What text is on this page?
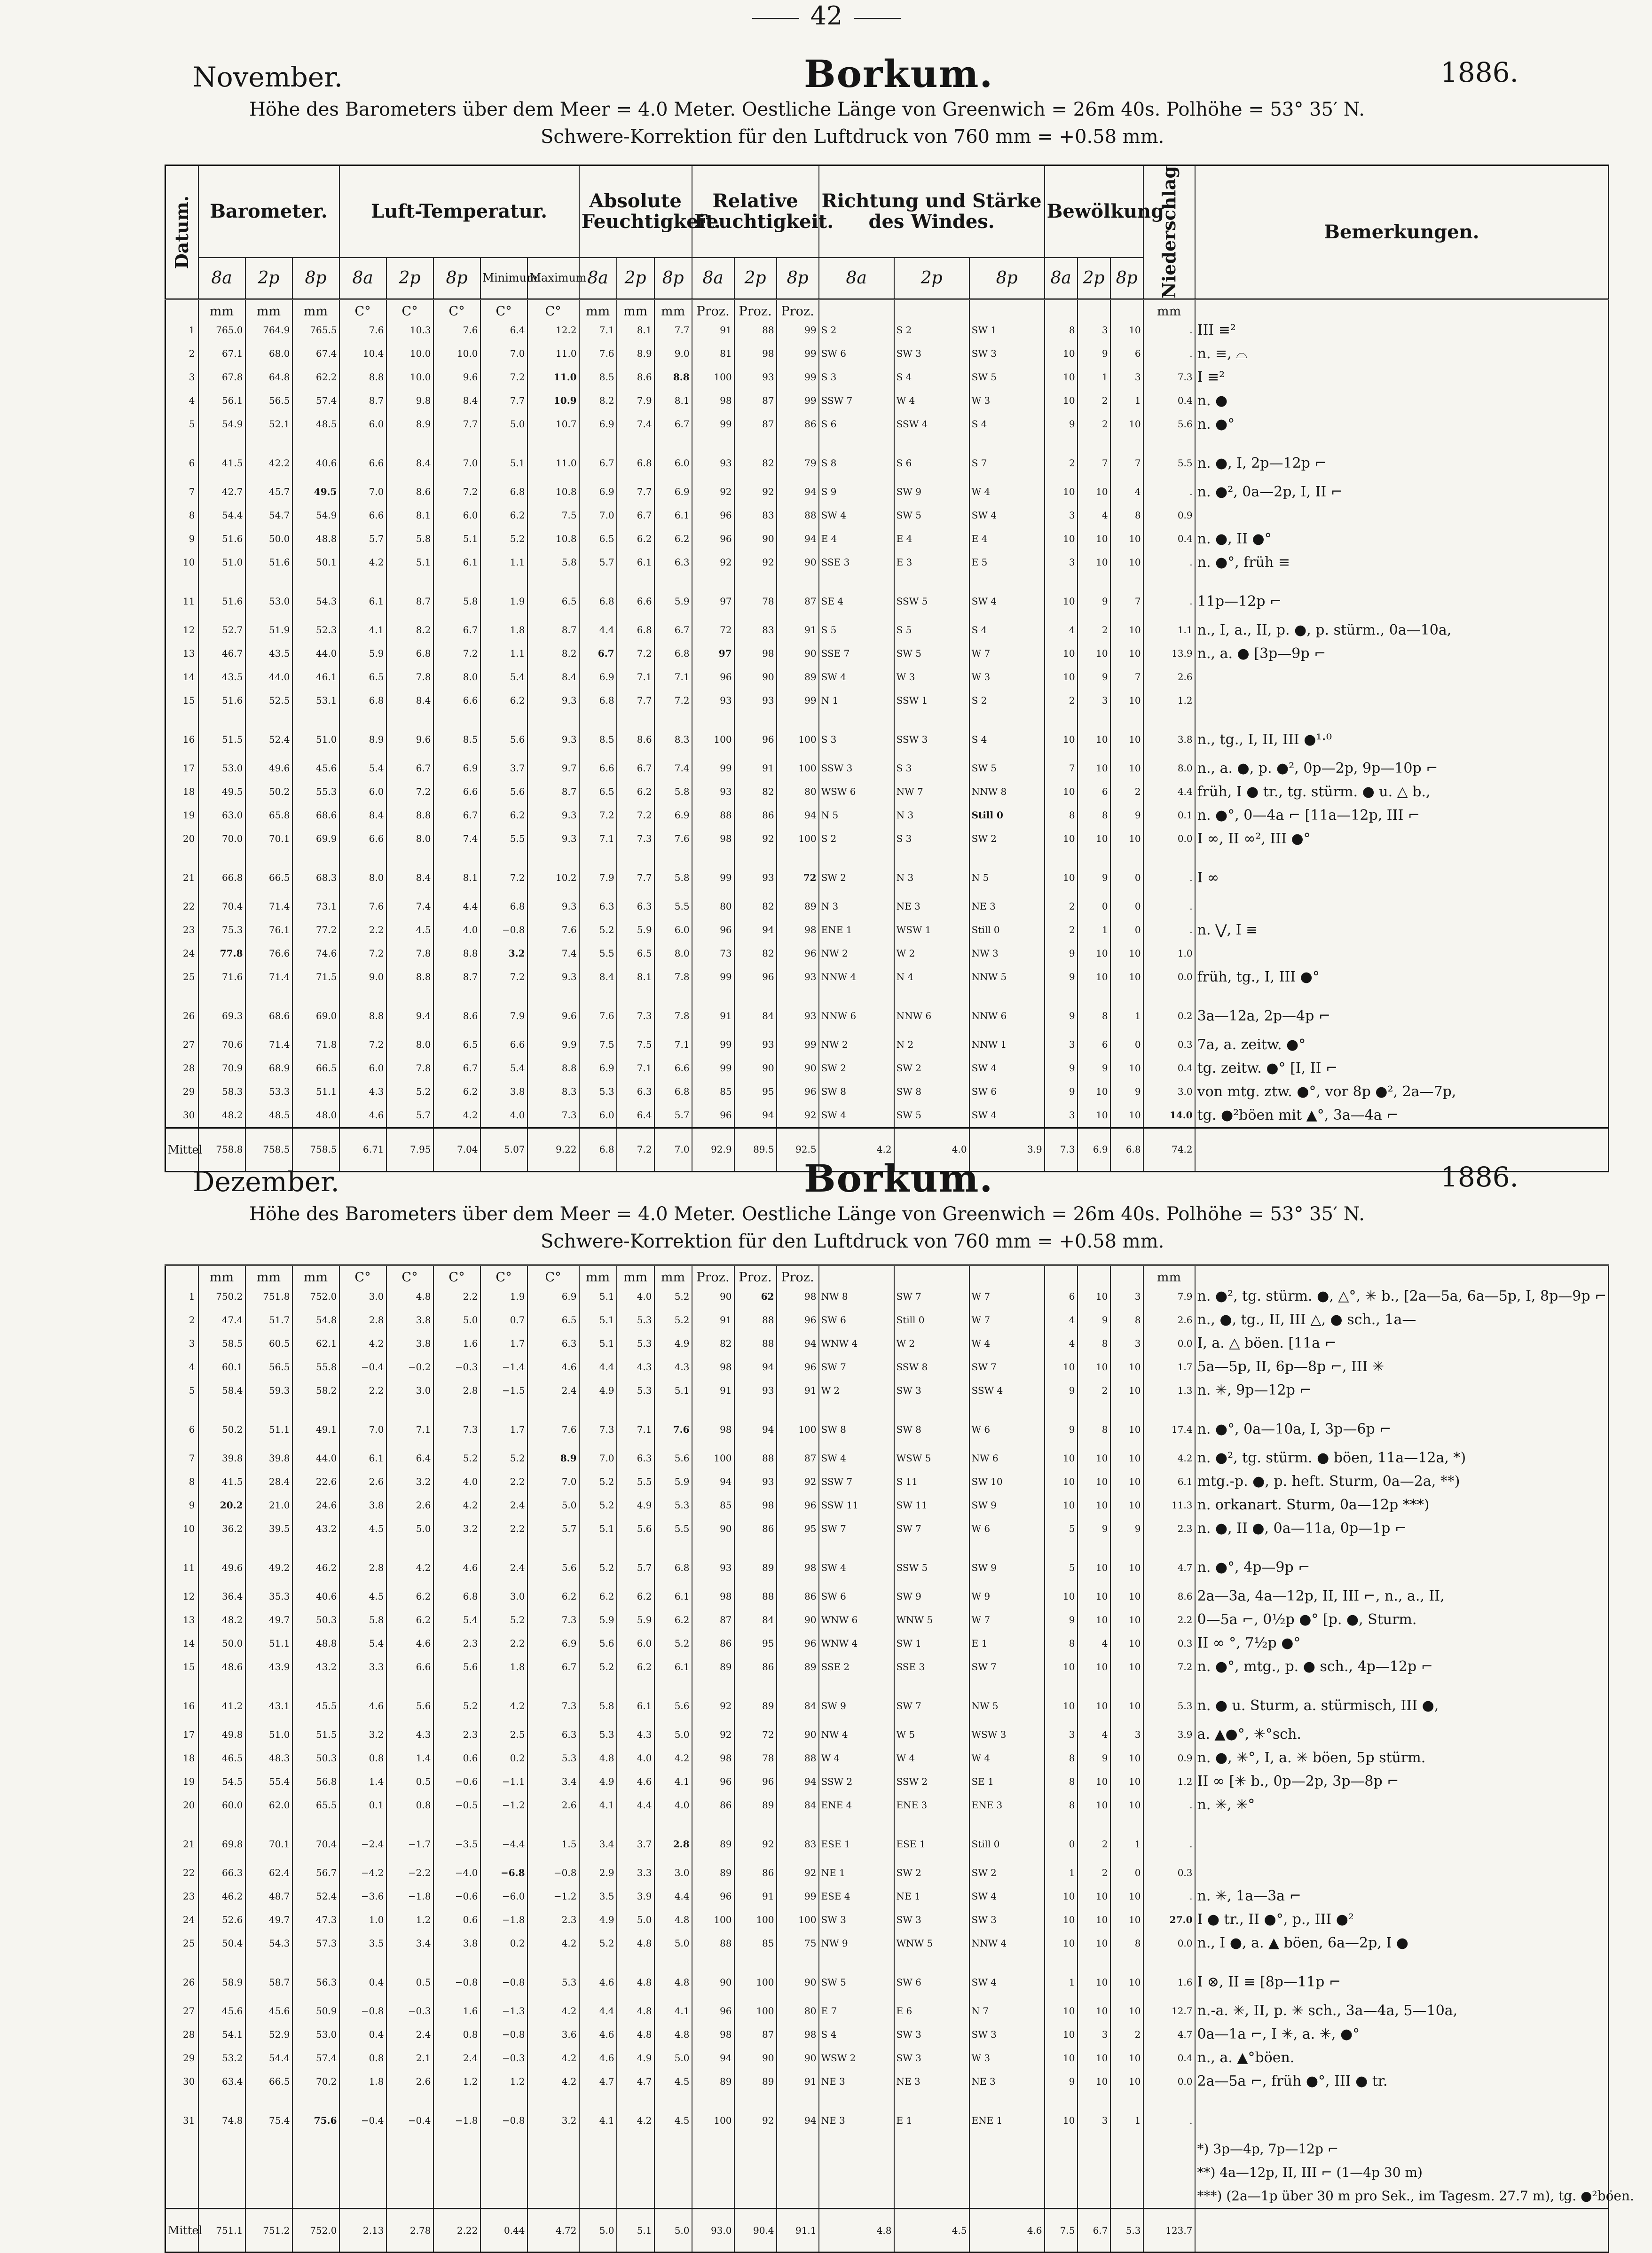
42
November.	Borkum.	1886.
Höhe des Barometers über dem Meer = 4.0 Meter. Oestliche Länge von Greenwich = 26m 40s. Polhöhe = 53° 35′ N.
Schwere-Korrektion für den Luftdruck von 760 mm = +0.58 mm.
Datum.	Barometer.			Luft-Temperatur.					Absolute Feuchtigkeit.			Relative Feuchtigkeit.			Richtung und Stärke des Windes.			Bewölkung			Niederschlag	Bemerkungen.
	8a	2p	8p	8a	2p	8p	Minimum.	Maximum.	8a	2p	8p	8a	2p	8p	8a	2p	8p	8a	2p	8p		
	mm	mm	mm	C°	C°	C°	C°	C°	mm	mm	mm	Proz.	Proz.	Proz.							mm	
1	765.0	764.9	765.5	7.6	10.3	7.6	6.4	12.2	7.1	8.1	7.7	91	88	99	S 2	S 2	SW 1	8	3	10	.	III ≡²
2	67.1	68.0	67.4	10.4	10.0	10.0	7.0	11.0	7.6	8.9	9.0	81	98	99	SW 6	SW 3	SW 3	10	9	6	.	n. ≡, ⌓
3	67.8	64.8	62.2	8.8	10.0	9.6	7.2	11.0	8.5	8.6	8.8	100	93	99	S 3	S 4	SW 5	10	1	3	7.3	I ≡²
4	56.1	56.5	57.4	8.7	9.8	8.4	7.7	10.9	8.2	7.9	8.1	98	87	99	SSW 7	W 4	W 3	10	2	1	0.4	n. ●
5	54.9	52.1	48.5	6.0	8.9	7.7	5.0	10.7	6.9	7.4	6.7	99	87	86	S 6	SSW 4	S 4	9	2	10	5.6	n. ●°
6	41.5	42.2	40.6	6.6	8.4	7.0	5.1	11.0	6.7	6.8	6.0	93	82	79	S 8	S 6	S 7	2	7	7	5.5	n. ●, I, 2p—12p ⌐
7	42.7	45.7	49.5	7.0	8.6	7.2	6.8	10.8	6.9	7.7	6.9	92	92	94	S 9	SW 9	W 4	10	10	4	.	n. ●², 0a—2p, I, II ⌐
8	54.4	54.7	54.9	6.6	8.1	6.0	6.2	7.5	7.0	6.7	6.1	96	83	88	SW 4	SW 5	SW 4	3	4	8	0.9	
9	51.6	50.0	48.8	5.7	5.8	5.1	5.2	10.8	6.5	6.2	6.2	96	90	94	E 4	E 4	E 4	10	10	10	0.4	n. ●, II ●°
10	51.0	51.6	50.1	4.2	5.1	6.1	1.1	5.8	5.7	6.1	6.3	92	92	90	SSE 3	E 3	E 5	3	10	10	.	n. ●°, früh ≡
11	51.6	53.0	54.3	6.1	8.7	5.8	1.9	6.5	6.8	6.6	5.9	97	78	87	SE 4	SSW 5	SW 4	10	9	7	.	11p—12p ⌐
12	52.7	51.9	52.3	4.1	8.2	6.7	1.8	8.7	4.4	6.8	6.7	72	83	91	S 5	S 5	S 4	4	2	10	1.1	n., I, a., II, p. ●, p. stürm., 0a—10a,
13	46.7	43.5	44.0	5.9	6.8	7.2	1.1	8.2	6.7	7.2	6.8	97	98	90	SSE 7	SW 5	W 7	10	10	10	13.9	n., a. ● [3p—9p ⌐
14	43.5	44.0	46.1	6.5	7.8	8.0	5.4	8.4	6.9	7.1	7.1	96	90	89	SW 4	W 3	W 3	10	9	7	2.6	
15	51.6	52.5	53.1	6.8	8.4	6.6	6.2	9.3	6.8	7.7	7.2	93	93	99	N 1	SSW 1	S 2	2	3	10	1.2	
16	51.5	52.4	51.0	8.9	9.6	8.5	5.6	9.3	8.5	8.6	8.3	100	96	100	S 3	SSW 3	S 4	10	10	10	3.8	n., tg., I, II, III ●¹·⁰
17	53.0	49.6	45.6	5.4	6.7	6.9	3.7	9.7	6.6	6.7	7.4	99	91	100	SSW 3	S 3	SW 5	7	10	10	8.0	n., a. ●, p. ●², 0p—2p, 9p—10p ⌐
18	49.5	50.2	55.3	6.0	7.2	6.6	5.6	8.7	6.5	6.2	5.8	93	82	80	WSW 6	NW 7	NNW 8	10	6	2	4.4	früh, I ● tr., tg. stürm. ● u. △ b.,
19	63.0	65.8	68.6	8.4	8.8	6.7	6.2	9.3	7.2	7.2	6.9	88	86	94	N 5	N 3	Still 0	8	8	9	0.1	n. ●°, 0—4a ⌐ [11a—12p, III ⌐
20	70.0	70.1	69.9	6.6	8.0	7.4	5.5	9.3	7.1	7.3	7.6	98	92	100	S 2	S 3	SW 2	10	10	10	0.0	I ∞, II ∞², III ●°
21	66.8	66.5	68.3	8.0	8.4	8.1	7.2	10.2	7.9	7.7	5.8	99	93	72	SW 2	N 3	N 5	10	9	0	.	I ∞
22	70.4	71.4	73.1	7.6	7.4	4.4	6.8	9.3	6.3	6.3	5.5	80	82	89	N 3	NE 3	NE 3	2	0	0	.	
23	75.3	76.1	77.2	2.2	4.5	4.0	−0.8	7.6	5.2	5.9	6.0	96	94	98	ENE 1	WSW 1	Still 0	2	1	0	.	n. ⋁, I ≡
24	77.8	76.6	74.6	7.2	7.8	8.8	3.2	7.4	5.5	6.5	8.0	73	82	96	NW 2	W 2	NW 3	9	10	10	1.0	
25	71.6	71.4	71.5	9.0	8.8	8.7	7.2	9.3	8.4	8.1	7.8	99	96	93	NNW 4	N 4	NNW 5	9	10	10	0.0	früh, tg., I, III ●°
26	69.3	68.6	69.0	8.8	9.4	8.6	7.9	9.6	7.6	7.3	7.8	91	84	93	NNW 6	NNW 6	NNW 6	9	8	1	0.2	3a—12a, 2p—4p ⌐
27	70.6	71.4	71.8	7.2	8.0	6.5	6.6	9.9	7.5	7.5	7.1	99	93	99	NW 2	N 2	NNW 1	3	6	0	0.3	7a, a. zeitw. ●°
28	70.9	68.9	66.5	6.0	7.8	6.7	5.4	8.8	6.9	7.1	6.6	99	90	90	SW 2	SW 2	SW 4	9	9	10	0.4	tg. zeitw. ●° [I, II ⌐
29	58.3	53.3	51.1	4.3	5.2	6.2	3.8	8.3	5.3	6.3	6.8	85	95	96	SW 8	SW 8	SW 6	9	10	9	3.0	von mtg. ztw. ●°, vor 8p ●², 2a—7p,
30	48.2	48.5	48.0	4.6	5.7	4.2	4.0	7.3	6.0	6.4	5.7	96	94	92	SW 4	SW 5	SW 4	3	10	10	14.0	tg. ●²böen mit ▲°, 3a—4a ⌐
Mittel	758.8	758.5	758.5	6.71	7.95	7.04	5.07	9.22	6.8	7.2	7.0	92.9	89.5	92.5	4.2	4.0	3.9	7.3	6.9	6.8	74.2	
Dezember.	Borkum.	1886.
Höhe des Barometers über dem Meer = 4.0 Meter. Oestliche Länge von Greenwich = 26m 40s. Polhöhe = 53° 35′ N.
Schwere-Korrektion für den Luftdruck von 760 mm = +0.58 mm.
	mm	mm	mm	C°	C°	C°	C°	C°	mm	mm	mm	Proz.	Proz.	Proz.							mm	
1	750.2	751.8	752.0	3.0	4.8	2.2	1.9	6.9	5.1	4.0	5.2	90	62	98	NW 8	SW 7	W 7	6	10	3	7.9	n. ●², tg. stürm. ●, △°, ✳ b., [2a—5a, 6a—5p, I, 8p—9p ⌐
2	47.4	51.7	54.8	2.8	3.8	5.0	0.7	6.5	5.1	5.3	5.2	91	88	96	SW 6	Still 0	W 7	4	9	8	2.6	n., ●, tg., II, III △, ● sch., 1a—
3	58.5	60.5	62.1	4.2	3.8	1.6	1.7	6.3	5.1	5.3	4.9	82	88	94	WNW 4	W 2	W 4	4	8	3	0.0	I, a. △ böen. [11a ⌐
4	60.1	56.5	55.8	−0.4	−0.2	−0.3	−1.4	4.6	4.4	4.3	4.3	98	94	96	SW 7	SSW 8	SW 7	10	10	10	1.7	5a—5p, II, 6p—8p ⌐, III ✳
5	58.4	59.3	58.2	2.2	3.0	2.8	−1.5	2.4	4.9	5.3	5.1	91	93	91	W 2	SW 3	SSW 4	9	2	10	1.3	n. ✳, 9p—12p ⌐
6	50.2	51.1	49.1	7.0	7.1	7.3	1.7	7.6	7.3	7.1	7.6	98	94	100	SW 8	SW 8	W 6	9	8	10	17.4	n. ●°, 0a—10a, I, 3p—6p ⌐
7	39.8	39.8	44.0	6.1	6.4	5.2	5.2	8.9	7.0	6.3	5.6	100	88	87	SW 4	WSW 5	NW 6	10	10	10	4.2	n. ●², tg. stürm. ● böen, 11a—12a, *)
8	41.5	28.4	22.6	2.6	3.2	4.0	2.2	7.0	5.2	5.5	5.9	94	93	92	SSW 7	S 11	SW 10	10	10	10	6.1	mtg.-p. ●, p. heft. Sturm, 0a—2a, **)
9	20.2	21.0	24.6	3.8	2.6	4.2	2.4	5.0	5.2	4.9	5.3	85	98	96	SSW 11	SW 11	SW 9	10	10	10	11.3	n. orkanart. Sturm, 0a—12p ***)
10	36.2	39.5	43.2	4.5	5.0	3.2	2.2	5.7	5.1	5.6	5.5	90	86	95	SW 7	SW 7	W 6	5	9	9	2.3	n. ●, II ●, 0a—11a, 0p—1p ⌐
11	49.6	49.2	46.2	2.8	4.2	4.6	2.4	5.6	5.2	5.7	6.8	93	89	98	SW 4	SSW 5	SW 9	5	10	10	4.7	n. ●°, 4p—9p ⌐
12	36.4	35.3	40.6	4.5	6.2	6.8	3.0	6.2	6.2	6.2	6.1	98	88	86	SW 6	SW 9	W 9	10	10	10	8.6	2a—3a, 4a—12p, II, III ⌐, n., a., II,
13	48.2	49.7	50.3	5.8	6.2	5.4	5.2	7.3	5.9	5.9	6.2	87	84	90	WNW 6	WNW 5	W 7	9	10	10	2.2	0—5a ⌐, 0½p ●° [p. ●, Sturm.
14	50.0	51.1	48.8	5.4	4.6	2.3	2.2	6.9	5.6	6.0	5.2	86	95	96	WNW 4	SW 1	E 1	8	4	10	0.3	II ∞ °, 7½p ●°
15	48.6	43.9	43.2	3.3	6.6	5.6	1.8	6.7	5.2	6.2	6.1	89	86	89	SSE 2	SSE 3	SW 7	10	10	10	7.2	n. ●°, mtg., p. ● sch., 4p—12p ⌐
16	41.2	43.1	45.5	4.6	5.6	5.2	4.2	7.3	5.8	6.1	5.6	92	89	84	SW 9	SW 7	NW 5	10	10	10	5.3	n. ● u. Sturm, a. stürmisch, III ●,
17	49.8	51.0	51.5	3.2	4.3	2.3	2.5	6.3	5.3	4.3	5.0	92	72	90	NW 4	W 5	WSW 3	3	4	3	3.9	a. ▲●°, ✳°sch.
18	46.5	48.3	50.3	0.8	1.4	0.6	0.2	5.3	4.8	4.0	4.2	98	78	88	W 4	W 4	W 4	8	9	10	0.9	n. ●, ✳°, I, a. ✳ böen, 5p stürm.
19	54.5	55.4	56.8	1.4	0.5	−0.6	−1.1	3.4	4.9	4.6	4.1	96	96	94	SSW 2	SSW 2	SE 1	8	10	10	1.2	II ∞ [✳ b., 0p—2p, 3p—8p ⌐
20	60.0	62.0	65.5	0.1	0.8	−0.5	−1.2	2.6	4.1	4.4	4.0	86	89	84	ENE 4	ENE 3	ENE 3	8	10	10	.	n. ✳, ✳°
21	69.8	70.1	70.4	−2.4	−1.7	−3.5	−4.4	1.5	3.4	3.7	2.8	89	92	83	ESE 1	ESE 1	Still 0	0	2	1	.	
22	66.3	62.4	56.7	−4.2	−2.2	−4.0	−6.8	−0.8	2.9	3.3	3.0	89	86	92	NE 1	SW 2	SW 2	1	2	0	0.3	
23	46.2	48.7	52.4	−3.6	−1.8	−0.6	−6.0	−1.2	3.5	3.9	4.4	96	91	99	ESE 4	NE 1	SW 4	10	10	10	.	n. ✳, 1a—3a ⌐
24	52.6	49.7	47.3	1.0	1.2	0.6	−1.8	2.3	4.9	5.0	4.8	100	100	100	SW 3	SW 3	SW 3	10	10	10	27.0	I ● tr., II ●°, p., III ●²
25	50.4	54.3	57.3	3.5	3.4	3.8	0.2	4.2	5.2	4.8	5.0	88	85	75	NW 9	WNW 5	NNW 4	10	10	8	0.0	n., I ●, a. ▲ böen, 6a—2p, I ●
26	58.9	58.7	56.3	0.4	0.5	−0.8	−0.8	5.3	4.6	4.8	4.8	90	100	90	SW 5	SW 6	SW 4	1	10	10	1.6	I ⊗, II ≡ [8p—11p ⌐
27	45.6	45.6	50.9	−0.8	−0.3	1.6	−1.3	4.2	4.4	4.8	4.1	96	100	80	E 7	E 6	N 7	10	10	10	12.7	n.-a. ✳, II, p. ✳ sch., 3a—4a, 5—10a,
28	54.1	52.9	53.0	0.4	2.4	0.8	−0.8	3.6	4.6	4.8	4.8	98	87	98	S 4	SW 3	SW 3	10	3	2	4.7	0a—1a ⌐, I ✳, a. ✳, ●°
29	53.2	54.4	57.4	0.8	2.1	2.4	−0.3	4.2	4.6	4.9	5.0	94	90	90	WSW 2	SW 3	W 3	10	10	10	0.4	n., a. ▲°böen.
30	63.4	66.5	70.2	1.8	2.6	1.2	1.2	4.2	4.7	4.7	4.5	89	89	91	NE 3	NE 3	NE 3	9	10	10	0.0	2a—5a ⌐, früh ●°, III ● tr.
31	74.8	75.4	75.6	−0.4	−0.4	−1.8	−0.8	3.2	4.1	4.2	4.5	100	92	94	NE 3	E 1	ENE 1	10	3	1	.	
																						*) 3p—4p, 7p—12p ⌐
																						**) 4a—12p, II, III ⌐ (1—4p 30 m)
																						***) (2a—1p über 30 m pro Sek., im Tagesm. 27.7 m), tg. ●²böen.
Mittel	751.1	751.2	752.0	2.13	2.78	2.22	0.44	4.72	5.0	5.1	5.0	93.0	90.4	91.1	4.8	4.5	4.6	7.5	6.7	5.3	123.7	
